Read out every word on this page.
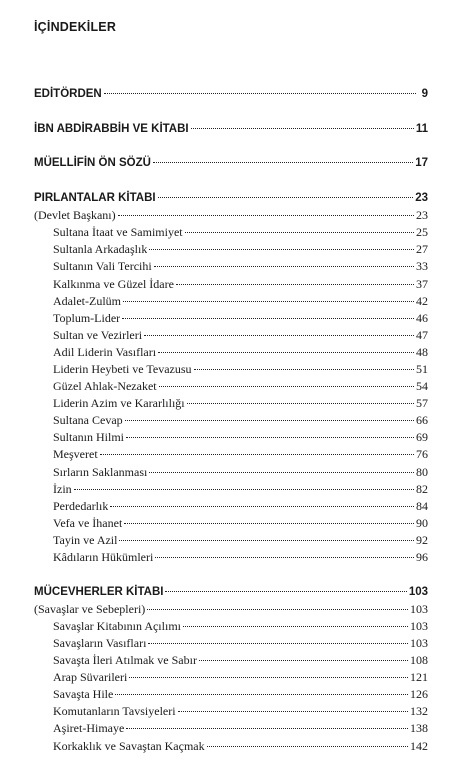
İÇİNDEKİLER
EDİTÖRDEN	9
İBN ABDİRABBİH VE KİTABI	11
MÜELLİFİN ÖN SÖZÜ	17
PIRLANTALAR KİTABI	23
(Devlet Başkanı)	23
Sultana İtaat ve Samimiyet	25
Sultanla Arkadaşlık	27
Sultanın Vali Tercihi	33
Kalkınma ve Güzel İdare	37
Adalet-Zulüm	42
Toplum-Lider	46
Sultan ve Vezirleri	47
Adil Liderin Vasıfları	48
Liderin Heybeti ve Tevazusu	51
Güzel Ahlak-Nezaket	54
Liderin Azim ve Kararlılığı	57
Sultana Cevap	66
Sultanın Hilmi	69
Meşveret	76
Sırların Saklanması	80
İzin	82
Perdedarlık	84
Vefa ve İhanet	90
Tayin ve Azil	92
Kâdıların Hükümleri	96
MÜCEVHERLER KİTABI	103
(Savaşlar ve Sebepleri)	103
Savaşlar Kitabının Açılımı	103
Savaşların Vasıfları	103
Savaşta İleri Atılmak ve Sabır	108
Arap Süvarileri	121
Savaşta Hile	126
Komutanların Tavsiyeleri	132
Aşiret-Himaye	138
Korkaklık ve Savaştan Kaçmak	142
